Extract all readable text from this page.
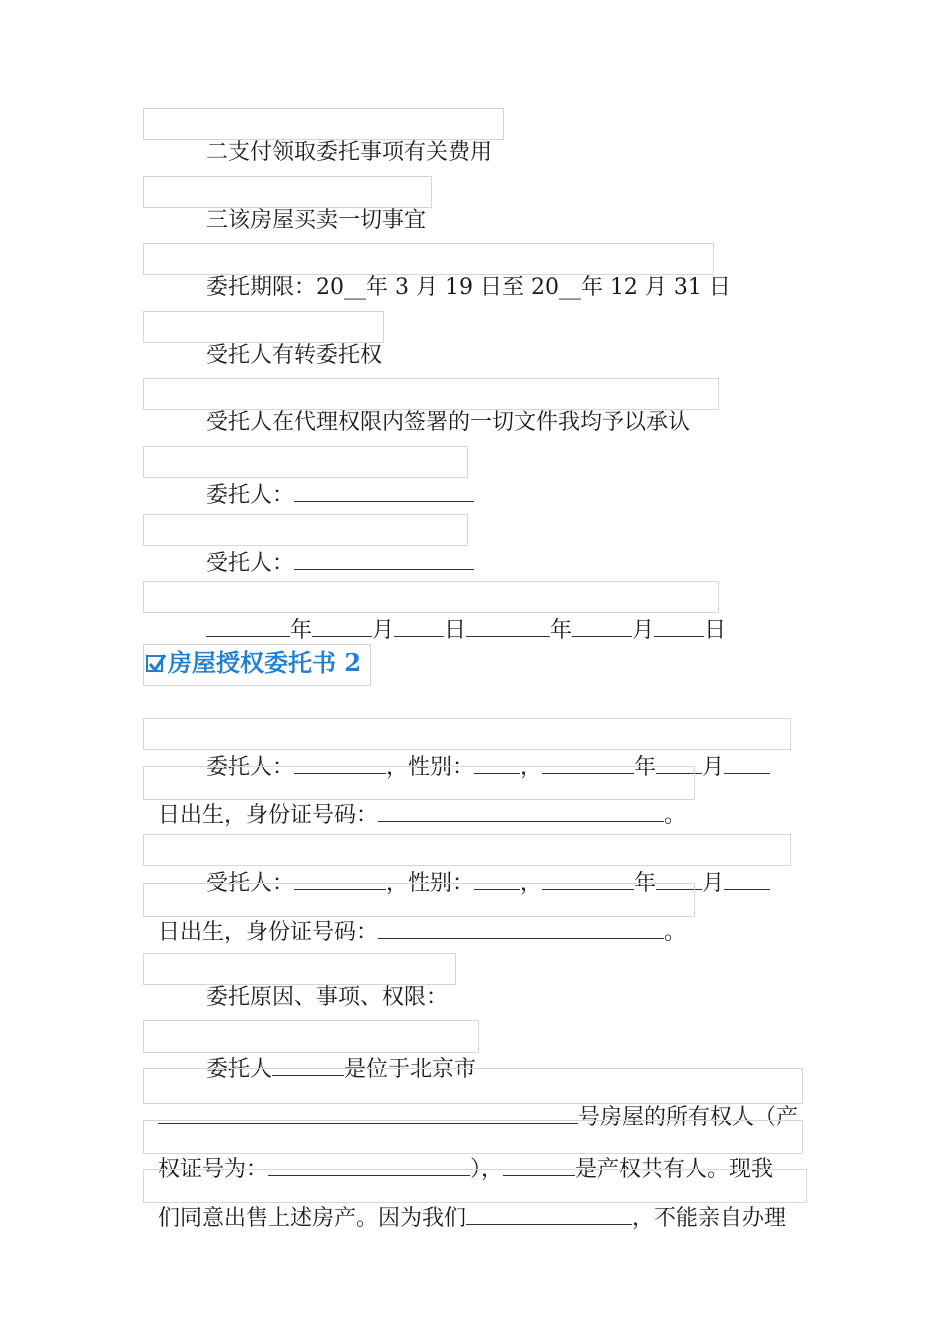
二支付领取委托事项有关费用

三该房屋买卖一切事宜

委托期限：20__年 3 月 19 日至 20__年 12 月 31 日

受托人有转委托权

受托人在代理权限内签署的一切文件我均予以承认

委托人：

受托人：

年	月 日	年	月 日

房屋授权委托书 2

委托人：	，性别： ，	年 月

日出生，身份证号码：	。

受托人：	，性别： ，	年 月

日出生，身份证号码：	。

委托原因、事项、权限：

委托人	是位于北京市

号房屋的所有权人（产

权证号为：	），	是产权共有人。现我

们同意出售上述房产。因为我们	，不能亲自办理
